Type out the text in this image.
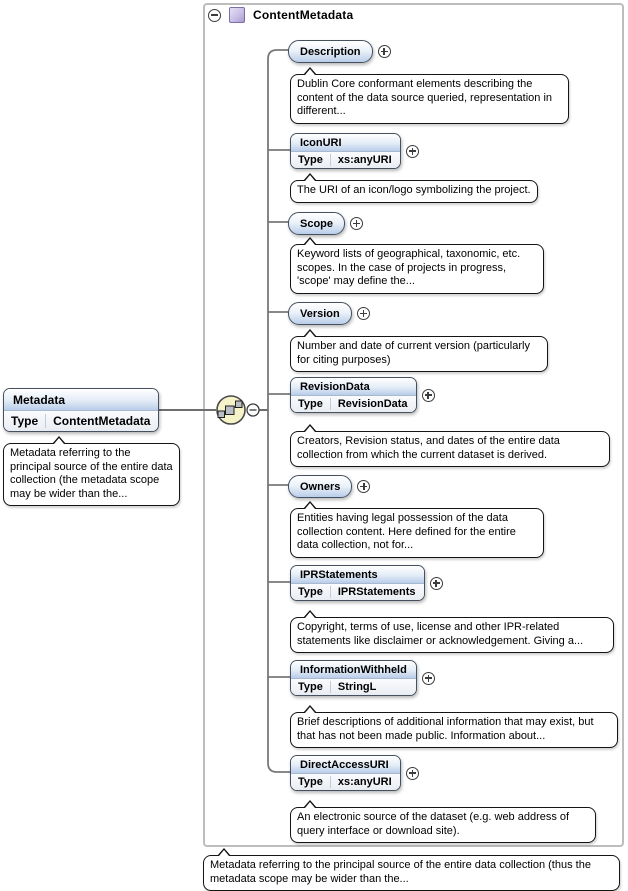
ContentMetadata
Metadata
Type	ContentMetadata
Metadata referring to the principal source of the entire data collection (the metadata scope may be wider than the...
Description
Dublin Core conformant elements describing the content of the data source queried, representation in different...
IconURI
Type	xs:anyURI
The URI of an icon/logo symbolizing the project.
Scope
Keyword lists of geographical, taxonomic, etc. scopes. In the case of projects in progress, 'scope' may define the...
Version
Number and date of current version (particularly for citing purposes)
RevisionData
Type	RevisionData
Creators, Revision status, and dates of the entire data collection from which the current dataset is derived.
Owners
Entities having legal possession of the data collection content. Here defined for the entire data collection, not for...
IPRStatements
Type	IPRStatements
Copyright, terms of use, license and other IPR-related statements like disclaimer or acknowledgement. Giving a...
InformationWithheld
Type	StringL
Brief descriptions of additional information that may exist, but that has not been made public. Information about...
DirectAccessURI
Type	xs:anyURI
An electronic source of the dataset (e.g. web address of query interface or download site).
Metadata referring to the principal source of the entire data collection (thus the metadata scope may be wider than the...
